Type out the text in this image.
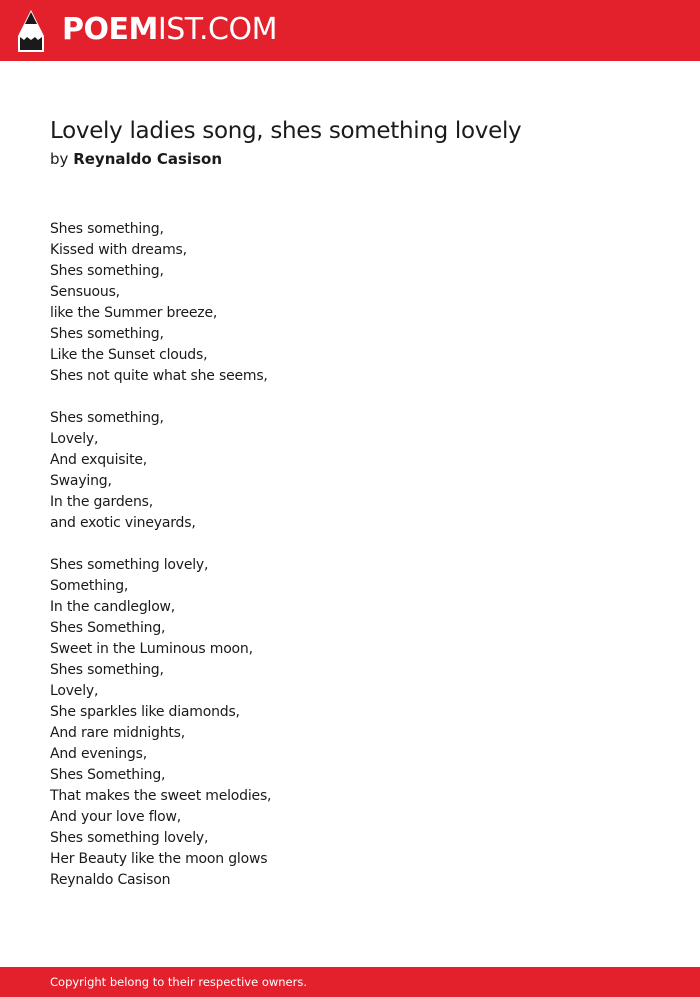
POEMIST.COM
Lovely ladies song, shes something lovely
by Reynaldo Casison
Shes something,
Kissed with dreams,
Shes something,
Sensuous,
like the Summer breeze,
Shes something,
Like the Sunset clouds,
Shes not quite what she seems,
Shes something,
Lovely,
And exquisite,
Swaying,
In the gardens,
and exotic vineyards,
Shes something lovely,
Something,
In the candleglow,
Shes Something,
Sweet in the Luminous moon,
Shes something,
Lovely,
She sparkles like diamonds,
And rare midnights,
And evenings,
Shes Something,
That makes the sweet melodies,
And your love flow,
Shes something lovely,
Her Beauty like the moon glows
Reynaldo Casison
Copyright belong to their respective owners.
